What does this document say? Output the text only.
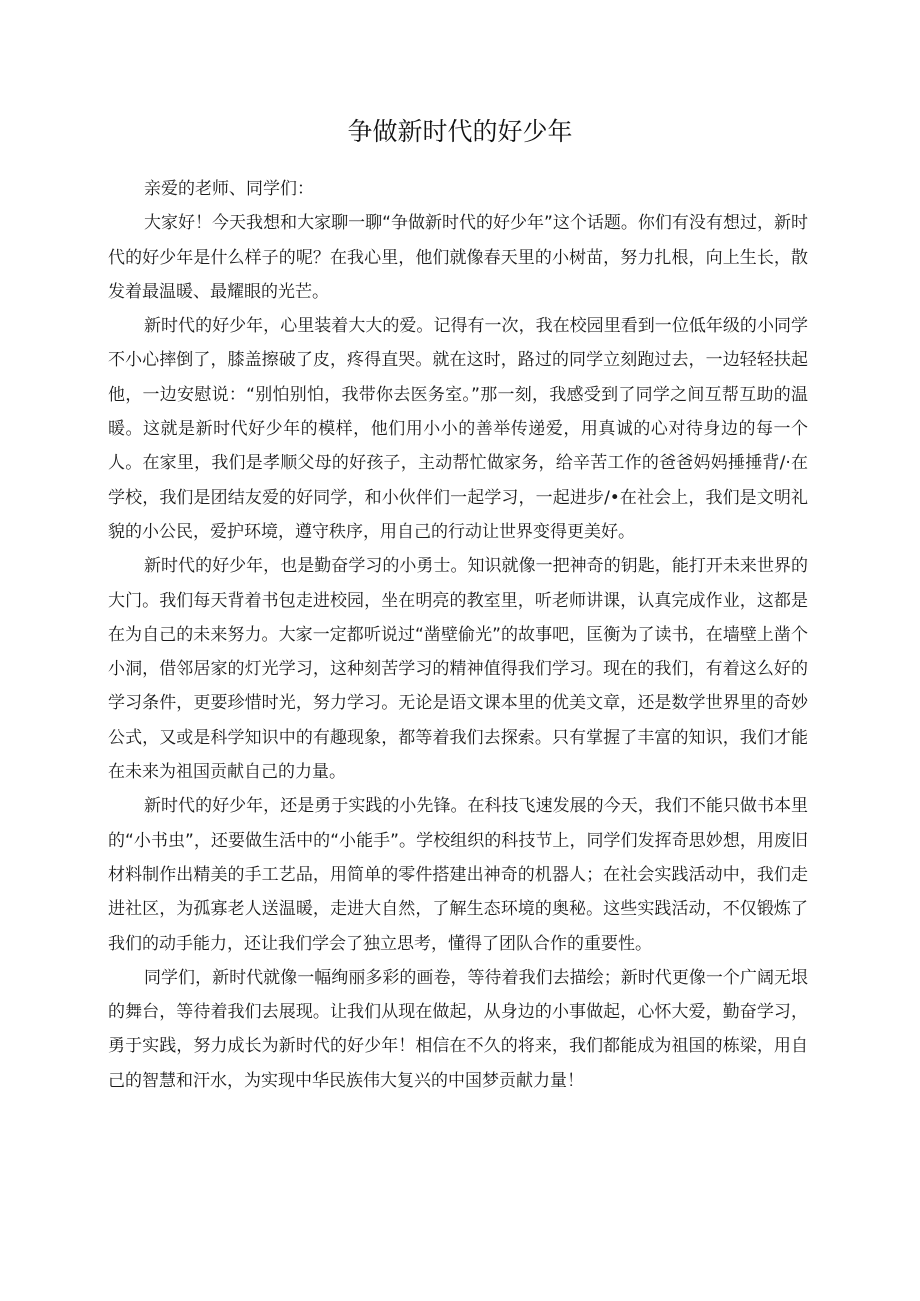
争做新时代的好少年

亲爱的老师、同学们：

大家好！今天我想和大家聊一聊“争做新时代的好少年”这个话题。你们有没有想过，新时代的好少年是什么样子的呢？在我心里，他们就像春天里的小树苗，努力扎根，向上生长，散发着最温暖、最耀眼的光芒。

新时代的好少年，心里装着大大的爱。记得有一次，我在校园里看到一位低年级的小同学不小心摔倒了，膝盖擦破了皮，疼得直哭。就在这时，路过的同学立刻跑过去，一边轻轻扶起他，一边安慰说：“别怕别怕，我带你去医务室。”那一刻，我感受到了同学之间互帮互助的温暖。这就是新时代好少年的模样，他们用小小的善举传递爱，用真诚的心对待身边的每一个人。在家里，我们是孝顺父母的好孩子，主动帮忙做家务，给辛苦工作的爸爸妈妈捶捶背/·在学校，我们是团结友爱的好同学，和小伙伴们一起学习，一起进步/•在社会上，我们是文明礼貌的小公民，爱护环境，遵守秩序，用自己的行动让世界变得更美好。

新时代的好少年，也是勤奋学习的小勇士。知识就像一把神奇的钥匙，能打开未来世界的大门。我们每天背着书包走进校园，坐在明亮的教室里，听老师讲课，认真完成作业，这都是在为自己的未来努力。大家一定都听说过“凿壁偷光”的故事吧，匡衡为了读书，在墙壁上凿个小洞，借邻居家的灯光学习，这种刻苦学习的精神值得我们学习。现在的我们，有着这么好的学习条件，更要珍惜时光，努力学习。无论是语文课本里的优美文章，还是数学世界里的奇妙公式，又或是科学知识中的有趣现象，都等着我们去探索。只有掌握了丰富的知识，我们才能在未来为祖国贡献自己的力量。

新时代的好少年，还是勇于实践的小先锋。在科技飞速发展的今天，我们不能只做书本里的“小书虫”，还要做生活中的“小能手”。学校组织的科技节上，同学们发挥奇思妙想，用废旧材料制作出精美的手工艺品，用简单的零件搭建出神奇的机器人；在社会实践活动中，我们走进社区，为孤寡老人送温暖，走进大自然，了解生态环境的奥秘。这些实践活动，不仅锻炼了我们的动手能力，还让我们学会了独立思考，懂得了团队合作的重要性。

同学们，新时代就像一幅绚丽多彩的画卷，等待着我们去描绘；新时代更像一个广阔无垠的舞台，等待着我们去展现。让我们从现在做起，从身边的小事做起，心怀大爱，勤奋学习，勇于实践，努力成长为新时代的好少年！相信在不久的将来，我们都能成为祖国的栋梁，用自己的智慧和汗水，为实现中华民族伟大复兴的中国梦贡献力量！
